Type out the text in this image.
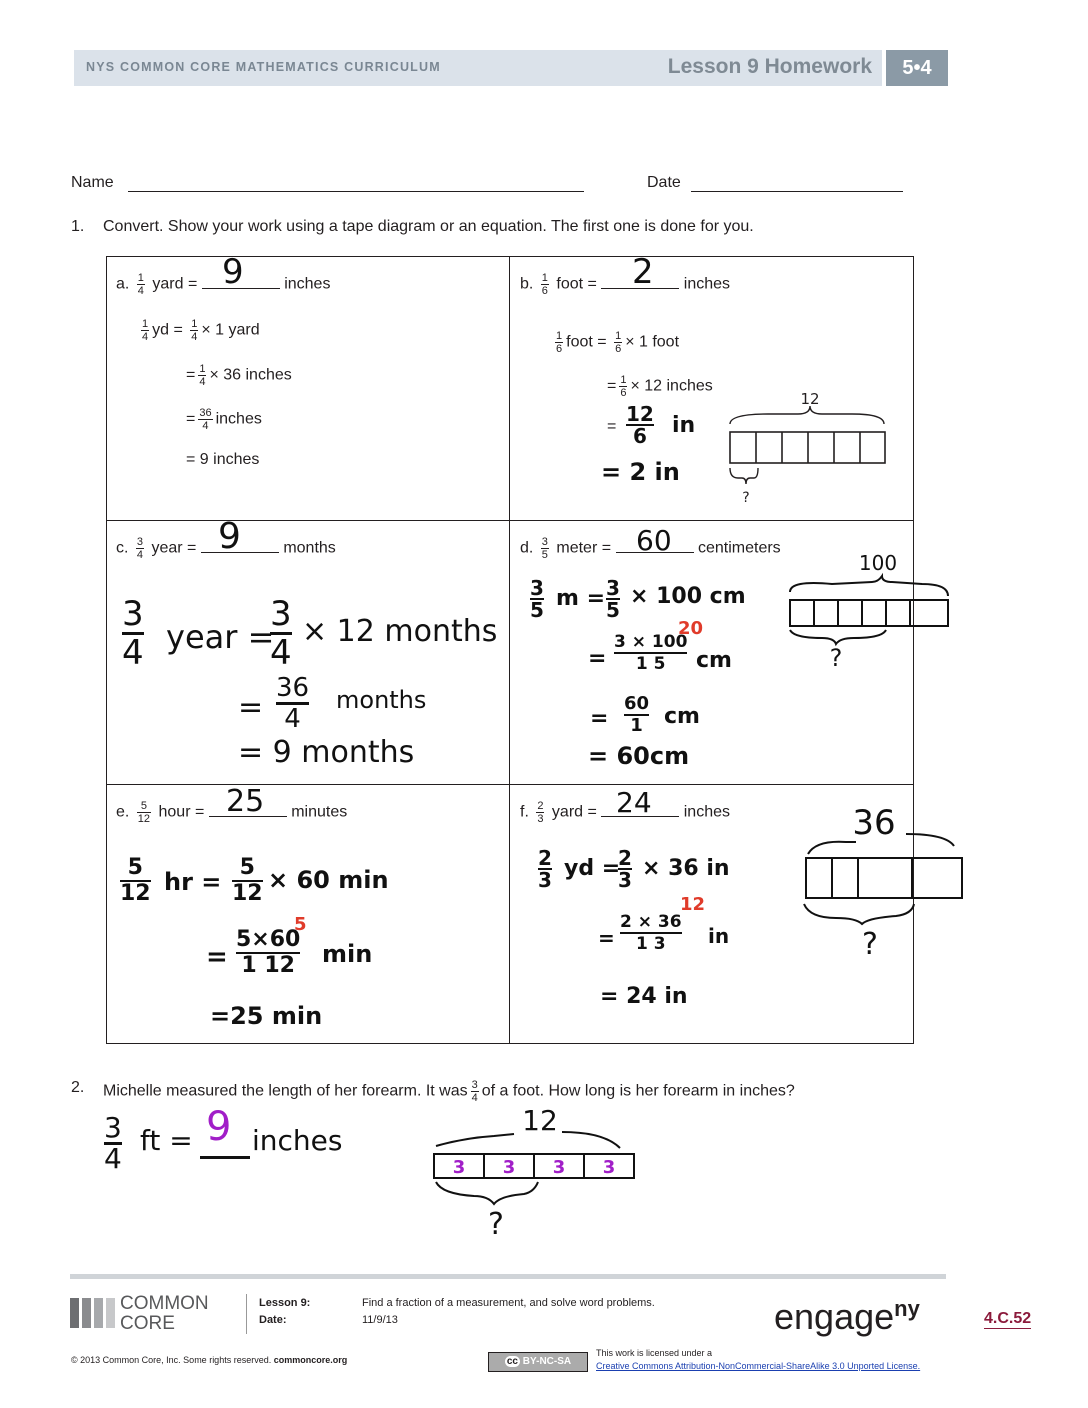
NYS COMMON CORE MATHEMATICS CURRICULUM	Lesson 9 Homework	5•4
Name	Date
1. Convert. Show your work using a tape diagram or an equation. The first one is done for you.
a. $\frac{1}{4}$ yard =	inches
9
$\frac{1}{4}$ yd = $\frac{1}{4} \times 1$ yard
= $\frac{1}{4} \times 36$ inches
= $\frac{36}{4}$ inches
= 9 inches
b. $\frac{1}{6}$ foot =	inches
2
$\frac{1}{6}$ foot = $\frac{1}{6} \times 1$ foot
= $\frac{1}{6} \times 12$ inches
=
12
6	in
= 2 in
12
?
c. $\frac{3}{4}$ year =	months
9
3
4 year =
3
4
× 12 months
=
36
4
months
= 9 months
d. $\frac{3}{5}$ meter =	centimeters
60
3
5 m = 3
5
× 100 cm
=
3 × 100
1 5
20
cm
=
60
1 cm
= 60cm
100
?
e. $\frac{5}{12}$ hour =	minutes
25
5
12 hr =
5
12 × 60 min
=
5×60
1 12
5
min
=25 min
f. $\frac{2}{3}$ yard =	inches
24
2
3 yd =
2
3 × 36 in
=
2 × 36
1 3
12
in
= 24 in
36
?
2. Michelle measured the length of her forearm. It was $\frac{3}{4}$ of a foot. How long is her forearm in inches?
3
4
ft = 9 inches
12
3 3 3 3
?
COMMON
CORE
Lesson 9:	Find a fraction of a measurement, and solve word problems.
Date:	11/9/13	engageny	4.C.52
© 2013 Common Core, Inc. Some rights reserved. commoncore.org	cc BY-NC-SA
This work is licensed under a
Creative Commons Attribution-NonCommercial-ShareAlike 3.0 Unported License.
